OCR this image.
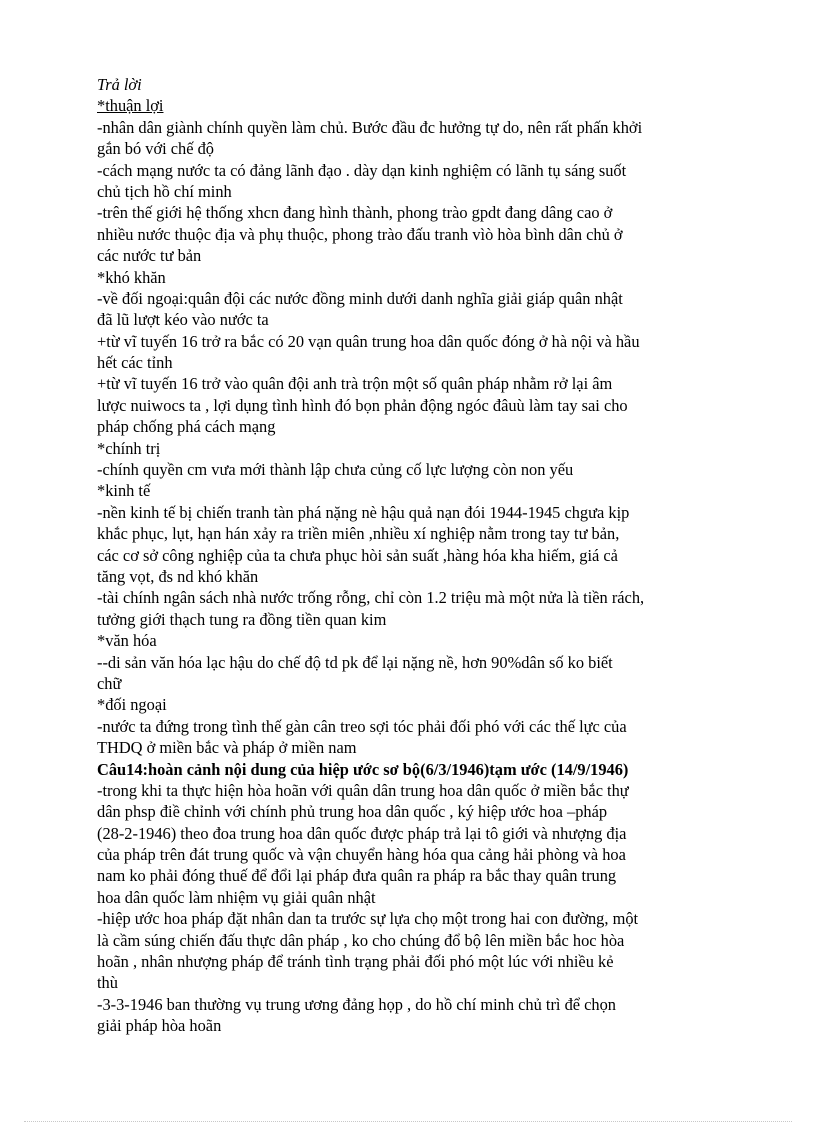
Trả lời
*thuận lợi
-nhân dân giành chính quyền làm chủ. Bước đầu đc hưởng tự do, nên rất phấn khởi
gắn bó với chế độ
-cách mạng nước ta có đảng lãnh đạo . dày dạn kinh nghiệm có lãnh tụ sáng suốt
chủ tịch hồ chí minh
-trên thế giới hệ thống xhcn đang hình thành, phong trào gpdt đang dâng cao ở
nhiều nước thuộc địa và phụ thuộc, phong trào đấu tranh vìò hòa bình dân chủ ở
các nước tư bản
*khó khăn
-về đối ngoại:quân đội các nước đồng minh dưới danh nghĩa giải giáp quân nhật
đã lũ lượt kéo vào nước ta
+từ vĩ tuyến 16 trở ra bắc có 20 vạn quân trung hoa dân quốc đóng ở hà nội và hầu
hết các tỉnh
+từ vĩ tuyến 16 trở vào quân đội anh trà trộn một số quân pháp nhằm rở lại âm
lược nuiwocs ta , lợi dụng tình hình đó bọn phản động ngóc đâuù làm tay sai cho
pháp chống phá cách mạng
*chính trị
-chính quyền cm vưa mới thành lập chưa củng cố lực lượng còn non yếu
*kinh tế
-nền kinh tế bị chiến tranh tàn phá nặng nè hậu quả nạn đói 1944-1945 chgưa kịp
khắc phục, lụt, hạn hán xảy ra triền miên ,nhiều xí nghiệp nằm trong tay tư bản,
các cơ sở công nghiệp của ta chưa phục hòi sản suất ,hàng hóa kha hiếm, giá cả
tăng vọt, đs nd khó khăn
-tài chính ngân sách nhà nước trống rỗng, chỉ còn 1.2 triệu mà một nửa là tiền rách,
tưởng giới thạch tung ra đồng tiền quan kim
*văn hóa
--di sản văn hóa lạc hậu do chế độ td pk để lại nặng nề, hơn 90%dân số ko biết
chữ
*đối ngoại
-nước ta đứng trong tình thế gàn cân treo sợi tóc phải đối phó với các thế lực của
THDQ ở miền bắc và pháp ở miền nam
Câu14:hoàn cảnh nội dung của hiệp ước sơ bộ(6/3/1946)tạm ước (14/9/1946)
-trong khi ta thực hiện hòa hoãn với quân dân trung hoa dân quốc ở miền bắc thự
dân phsp điề chỉnh với chính phủ trung hoa dân quốc , ký hiệp ước hoa –pháp
(28-2-1946) theo đoa trung hoa dân quốc được pháp trả lại tô giới và nhượng địa
của pháp trên đát trung quốc và vận chuyển hàng hóa qua cảng hải phòng và hoa
nam ko phải đóng thuế để đổi lại pháp đưa quân ra pháp ra bắc thay quân trung
hoa dân quốc làm nhiệm vụ giải quân nhật
-hiệp ước hoa pháp đặt nhân dan ta trước sự lựa chọ một trong hai con đường, một
là cầm súng chiến đấu thực dân pháp , ko cho chúng đổ bộ lên miền bắc hoc hòa
hoãn , nhân nhượng pháp để tránh tình trạng phải đối phó một lúc với nhiều kẻ
thù
-3-3-1946 ban thường vụ trung ương đảng họp , do hồ chí minh chủ trì để chọn
giải pháp hòa hoãn
